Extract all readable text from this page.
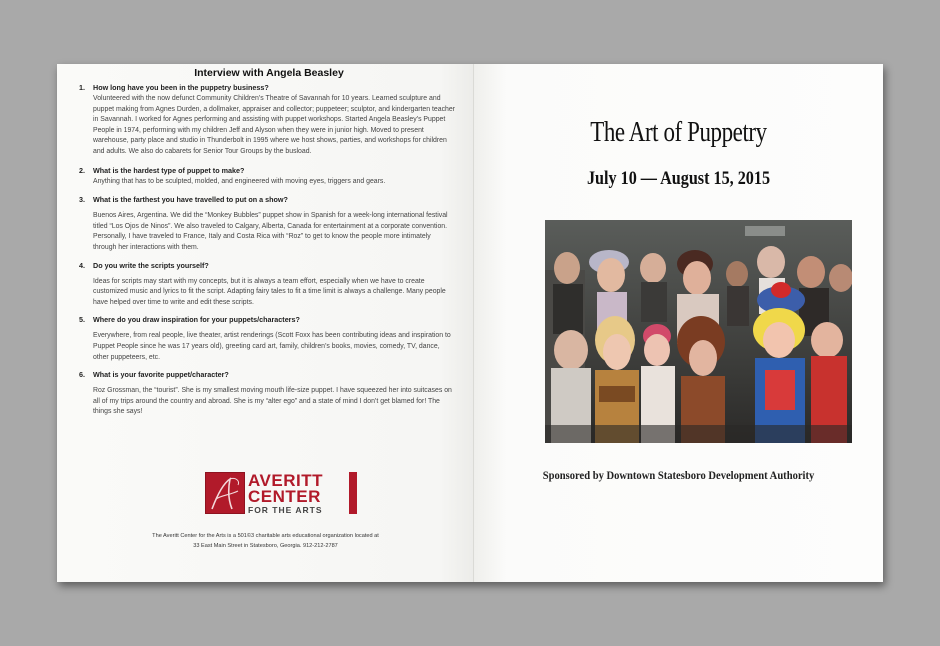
Interview with Angela Beasley
1. How long have you been in the puppetry business?
Volunteered with the now defunct Community Children’s Theatre of Savannah for 10 years. Learned sculpture and puppet making from Agnes Durden, a dollmaker, appraiser and collector; puppeteer; sculptor, and kindergarten teacher in Savannah. I worked for Agnes performing and assisting with puppet workshops. Started Angela Beasley’s Puppet People in 1974, performing with my children Jeff and Alyson when they were in junior high. Moved to present warehouse, party place and studio in Thunderbolt in 1995 where we host shows, parties, and workshops for children and adults. We also do cabarets for Senior Tour Groups by the busload.
2. What is the hardest type of puppet to make?
Anything that has to be sculpted, molded, and engineered with moving eyes, triggers and gears.
3. What is the farthest you have travelled to put on a show?
Buenos Aires, Argentina. We did the “Monkey Bubbles” puppet show in Spanish for a week-long international festival titled “Los Ojos de Ninos”. We also traveled to Calgary, Alberta, Canada for entertainment at a corporate convention. Personally, I have traveled to France, Italy and Costa Rica with “Roz” to get to know the people more intimately through her interactions with them.
4. Do you write the scripts yourself?
Ideas for scripts may start with my concepts, but it is always a team effort, especially when we have to create customized music and lyrics to fit the script. Adapting fairy tales to fit a time limit is always a challenge. Many people have helped over time to write and edit these scripts.
5. Where do you draw inspiration for your puppets/characters?
Everywhere, from real people, live theater, artist renderings (Scott Foxx has been contributing ideas and inspiration to Puppet People since he was 17 years old), greeting card art, family, children’s books, movies, comedy, TV, dance, other puppeteers, etc.
6. What is your favorite puppet/character?
Roz Grossman, the “tourist”. She is my smallest moving mouth life-size puppet. I have squeezed her into suitcases on all of my trips around the country and abroad. She is my “alter ego” and a state of mind I don’t get blamed for! The things she says!
AVERITT
CENTER
FOR THE ARTS
The Averitt Center for the Arts is a 501©3 charitable arts educational organization located at
33 East Main Street in Statesboro, Georgia. 912-212-2787
The Art of Puppetry
July 10 — August 15, 2015
Sponsored by Downtown Statesboro Development Authority
